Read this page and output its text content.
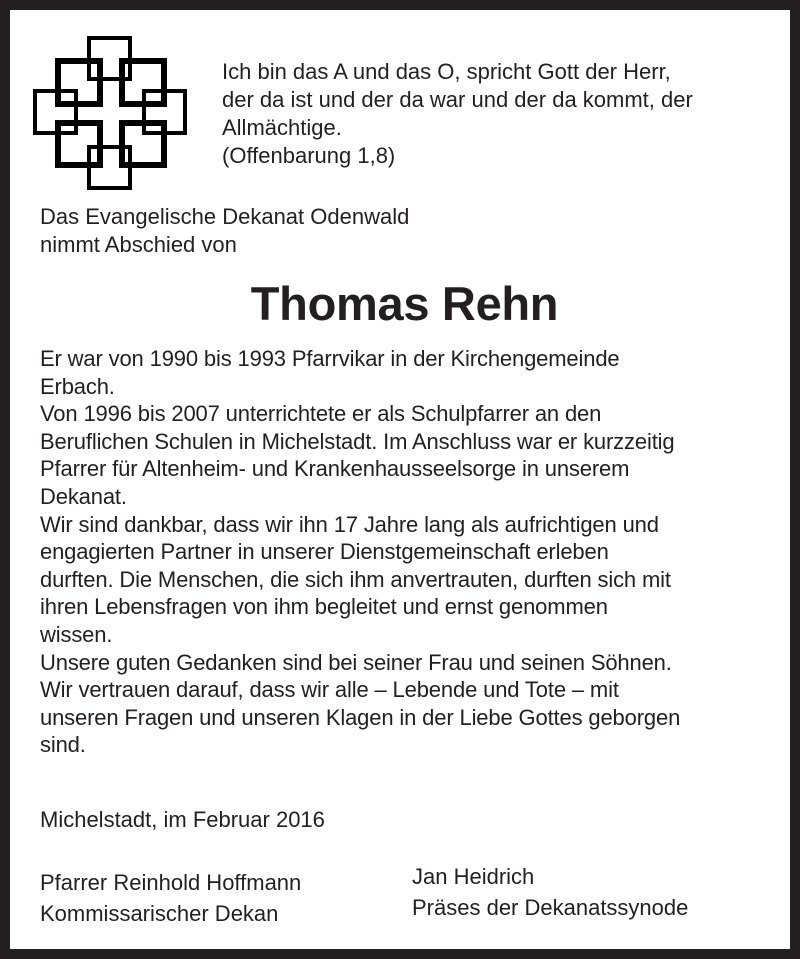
Ich bin das A und das O, spricht Gott der Herr,
der da ist und der da war und der da kommt, der
Allmächtige.
(Offenbarung 1,8)
Das Evangelische Dekanat Odenwald
nimmt Abschied von
Thomas Rehn
Er war von 1990 bis 1993 Pfarrvikar in der Kirchengemeinde
Erbach.
Von 1996 bis 2007 unterrichtete er als Schulpfarrer an den
Beruflichen Schulen in Michelstadt. Im Anschluss war er kurzzeitig
Pfarrer für Altenheim- und Krankenhausseelsorge in unserem
Dekanat.
Wir sind dankbar, dass wir ihn 17 Jahre lang als aufrichtigen und
engagierten Partner in unserer Dienstgemeinschaft erleben
durften. Die Menschen, die sich ihm anvertrauten, durften sich mit
ihren Lebensfragen von ihm begleitet und ernst genommen
wissen.
Unsere guten Gedanken sind bei seiner Frau und seinen Söhnen.
Wir vertrauen darauf, dass wir alle – Lebende und Tote – mit
unseren Fragen und unseren Klagen in der Liebe Gottes geborgen
sind.
Michelstadt, im Februar 2016
Pfarrer Reinhold Hoffmann
Kommissarischer Dekan
Jan Heidrich
Präses der Dekanatssynode
